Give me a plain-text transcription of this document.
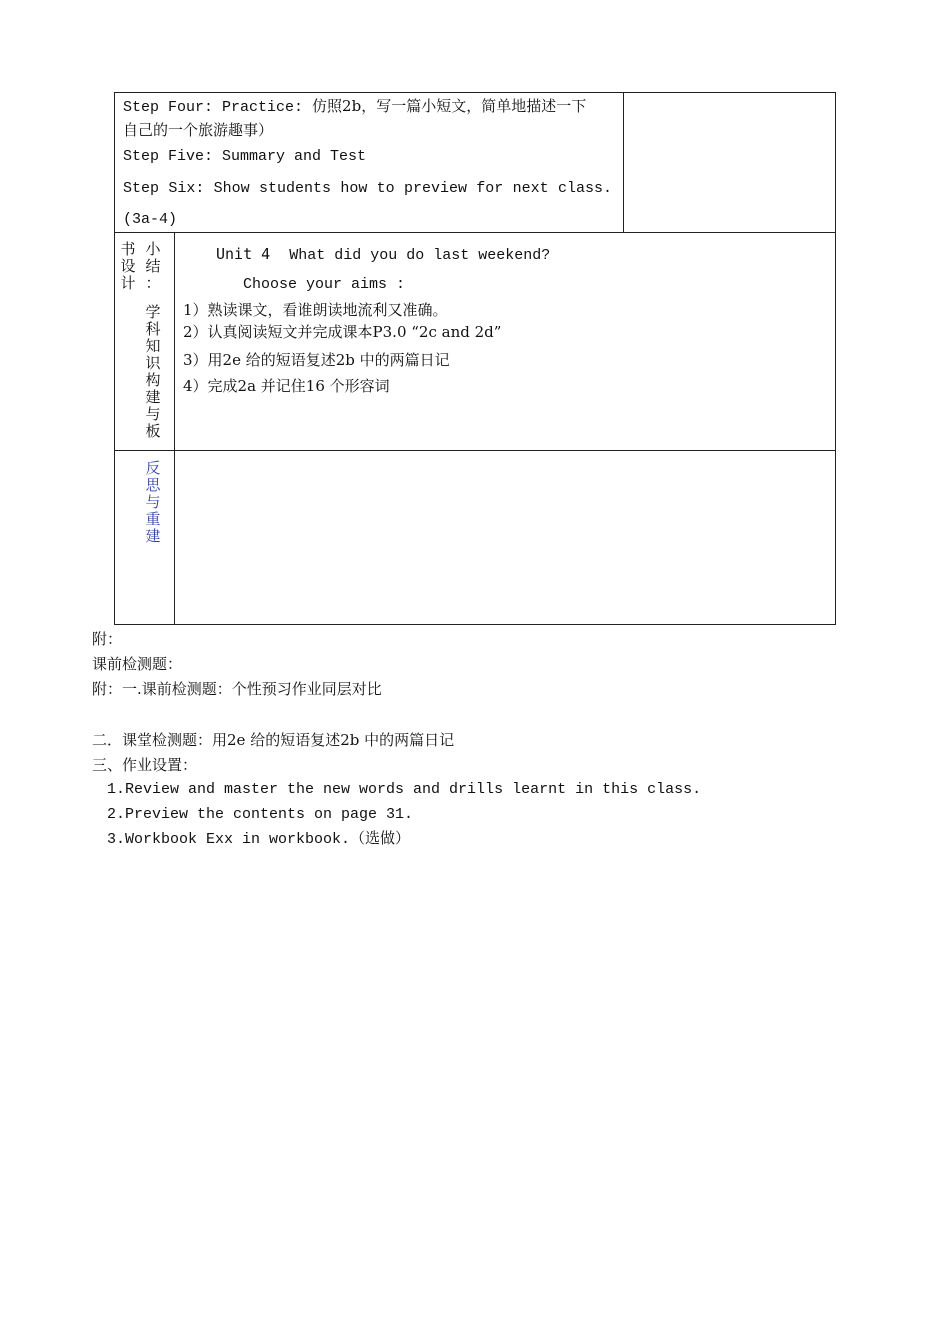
Step Four: Practice: 仿照2b，写一篇小短文，简单地描述一下
自己的一个旅游趣事）
Step Five: Summary and Test
Step Six: Show students how to preview for next class.
(3a-4)
书
设
计
小
结
：
学
科
知
识
构
建
与
板
Unit 4 What did you do last weekend?
Choose your aims :
1）熟读课文，看谁朗读地流利又准确。
2）认真阅读短文并完成课本P3.0 “2c and 2d”
3）用2e 给的短语复述2b 中的两篇日记
4）完成2a 并记住16 个形容词
反
思
与
重
建
附：
课前检测题：
附：一.课前检测题：个性预习作业同层对比
二．课堂检测题：用2e 给的短语复述2b 中的两篇日记
三、作业设置：
1.Review and master the new words and drills learnt in this class.
2.Preview the contents on page 31.
3.Workbook Exx in workbook.（选做）
